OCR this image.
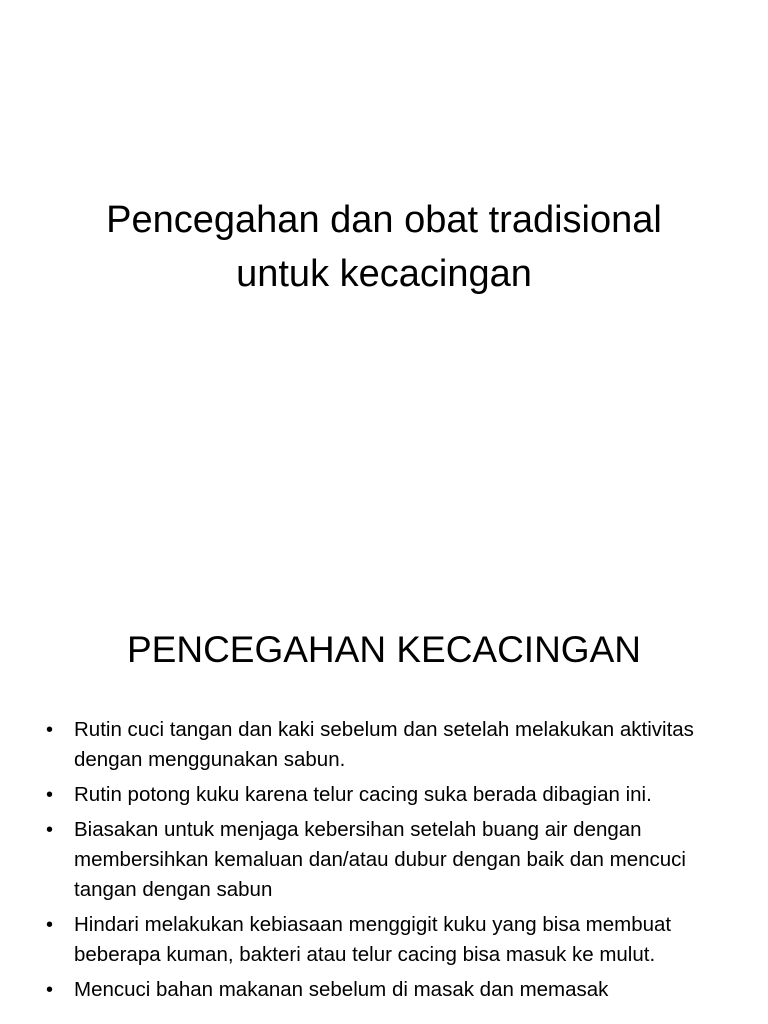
Pencegahan dan obat tradisional
untuk kecacingan
PENCEGAHAN KECACINGAN
• Rutin cuci tangan dan kaki sebelum dan setelah melakukan aktivitas dengan menggunakan sabun.
• Rutin potong kuku karena telur cacing suka berada dibagian ini.
• Biasakan untuk menjaga kebersihan setelah buang air dengan membersihkan kemaluan dan/atau dubur dengan baik dan mencuci tangan dengan sabun
• Hindari melakukan kebiasaan menggigit kuku yang bisa membuat beberapa kuman, bakteri atau telur cacing bisa masuk ke mulut.
• Mencuci bahan makanan sebelum di masak dan memasak
